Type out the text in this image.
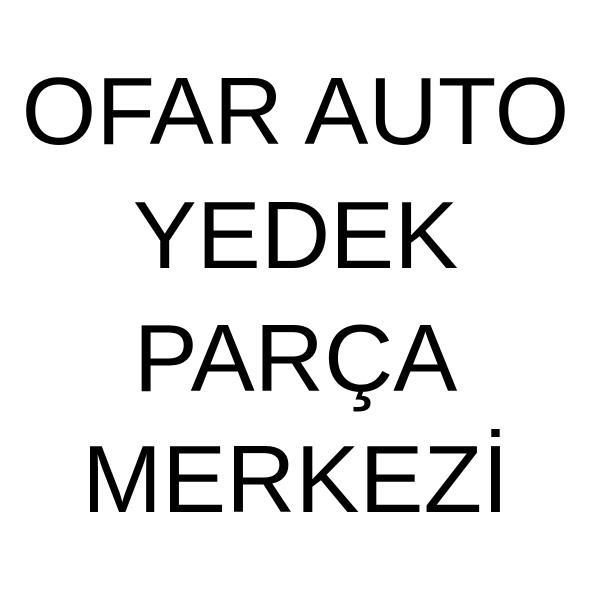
OFAR AUTO
YEDEK
PARÇA
MERKEZİ
